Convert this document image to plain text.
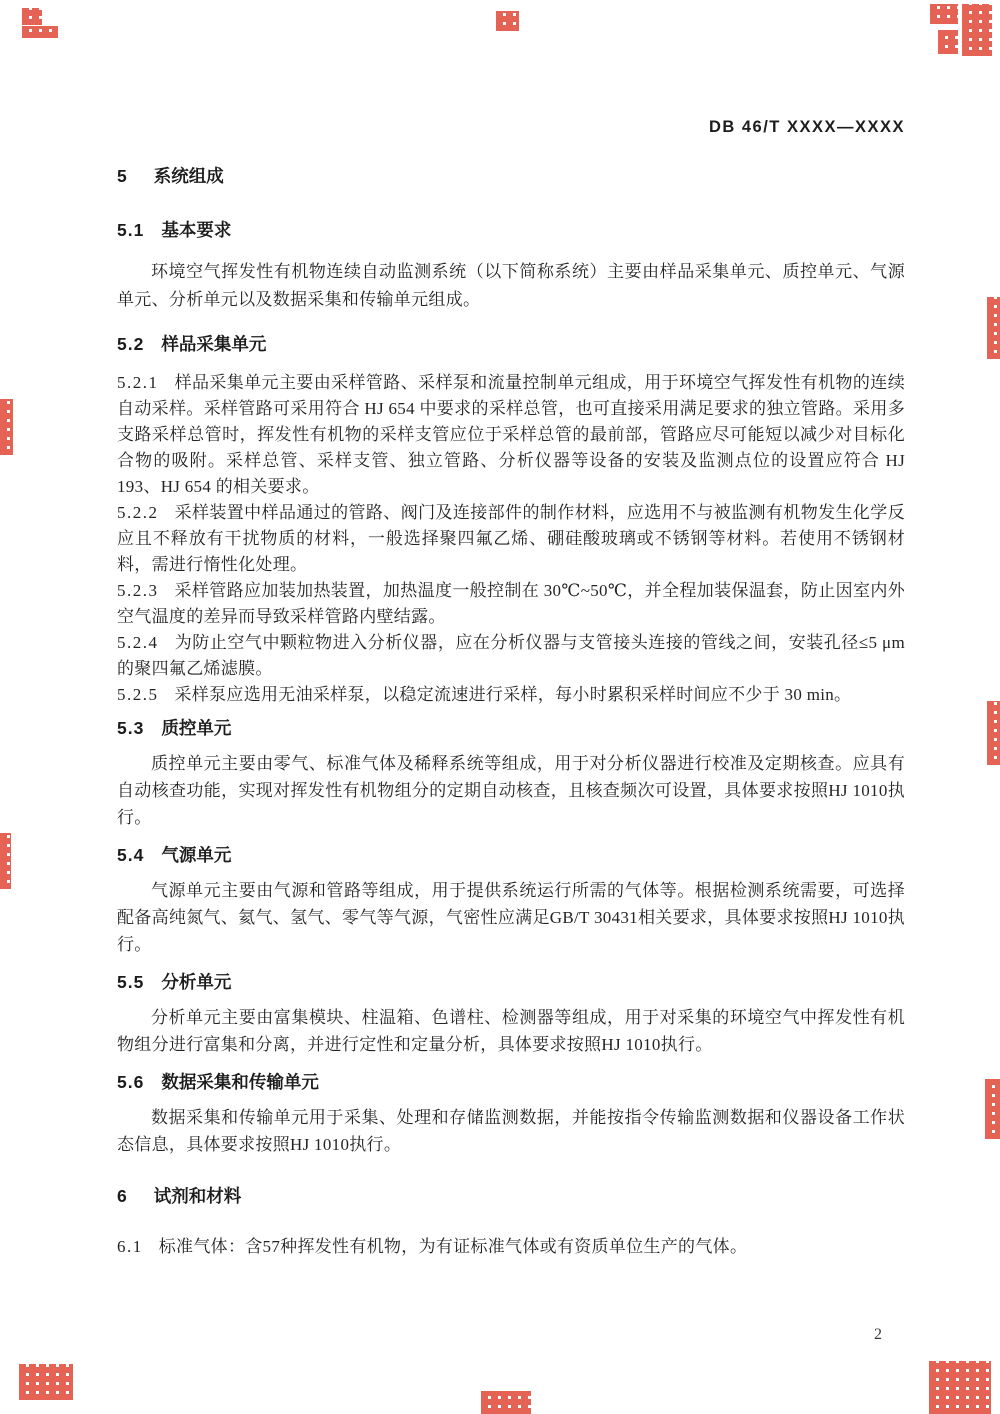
DB 46/T XXXX—XXXX
5 系统组成
5.1 基本要求
环境空气挥发性有机物连续自动监测系统（以下简称系统）主要由样品采集单元、质控单元、气源单元、分析单元以及数据采集和传输单元组成。
5.2 样品采集单元
5.2.1 样品采集单元主要由采样管路、采样泵和流量控制单元组成，用于环境空气挥发性有机物的连续自动采样。采样管路可采用符合 HJ 654 中要求的采样总管，也可直接采用满足要求的独立管路。采用多支路采样总管时，挥发性有机物的采样支管应位于采样总管的最前部，管路应尽可能短以减少对目标化合物的吸附。采样总管、采样支管、独立管路、分析仪器等设备的安装及监测点位的设置应符合 HJ 193、HJ 654 的相关要求。
5.2.2 采样装置中样品通过的管路、阀门及连接部件的制作材料，应选用不与被监测有机物发生化学反应且不释放有干扰物质的材料，一般选择聚四氟乙烯、硼硅酸玻璃或不锈钢等材料。若使用不锈钢材料，需进行惰性化处理。
5.2.3 采样管路应加装加热装置，加热温度一般控制在 30℃~50℃，并全程加装保温套，防止因室内外空气温度的差异而导致采样管路内壁结露。
5.2.4 为防止空气中颗粒物进入分析仪器，应在分析仪器与支管接头连接的管线之间，安装孔径≤5 μm 的聚四氟乙烯滤膜。
5.2.5 采样泵应选用无油采样泵，以稳定流速进行采样，每小时累积采样时间应不少于 30 min。
5.3 质控单元
质控单元主要由零气、标准气体及稀释系统等组成，用于对分析仪器进行校准及定期核查。应具有自动核查功能，实现对挥发性有机物组分的定期自动核查，且核查频次可设置，具体要求按照HJ 1010执行。
5.4 气源单元
气源单元主要由气源和管路等组成，用于提供系统运行所需的气体等。根据检测系统需要，可选择配备高纯氮气、氦气、氢气、零气等气源，气密性应满足GB/T 30431相关要求，具体要求按照HJ 1010执行。
5.5 分析单元
分析单元主要由富集模块、柱温箱、色谱柱、检测器等组成，用于对采集的环境空气中挥发性有机物组分进行富集和分离，并进行定性和定量分析，具体要求按照HJ 1010执行。
5.6 数据采集和传输单元
数据采集和传输单元用于采集、处理和存储监测数据，并能按指令传输监测数据和仪器设备工作状态信息，具体要求按照HJ 1010执行。
6 试剂和材料
6.1 标准气体：含57种挥发性有机物，为有证标准气体或有资质单位生产的气体。
2
